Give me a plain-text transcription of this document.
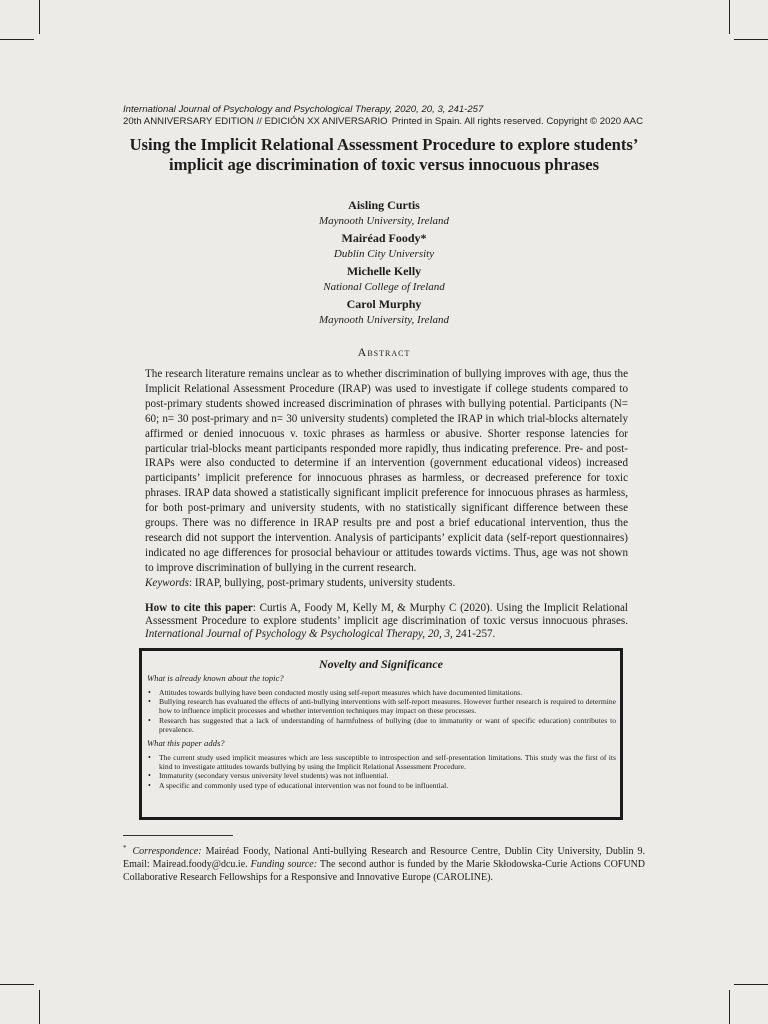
International Journal of Psychology and Psychological Therapy, 2020, 20, 3, 241-257
20th ANNIVERSARY EDITION // EDICIÓN XX ANIVERSARIO Printed in Spain. All rights reserved. Copyright © 2020 AAC
Using the Implicit Relational Assessment Procedure to explore students’ implicit age discrimination of toxic versus innocuous phrases
Aisling Curtis
Maynooth University, Ireland
Mairéad Foody*
Dublin City University
Michelle Kelly
National College of Ireland
Carol Murphy
Maynooth University, Ireland
Abstract

The research literature remains unclear as to whether discrimination of bullying improves with age, thus the Implicit Relational Assessment Procedure (IRAP) was used to investigate if college students compared to post-primary students showed increased discrimination of phrases with bullying potential. Participants (N= 60; n= 30 post-primary and n= 30 university students) completed the IRAP in which trial-blocks alternately affirmed or denied innocuous v. toxic phrases as harmless or abusive. Shorter response latencies for particular trial-blocks meant participants responded more rapidly, thus indicating preference. Pre- and post-IRAPs were also conducted to determine if an intervention (government educational videos) increased participants’ implicit preference for innocuous phrases as harmless, or decreased preference for toxic phrases. IRAP data showed a statistically significant implicit preference for innocuous phrases as harmless, for both post-primary and university students, with no statistically significant difference between these groups. There was no difference in IRAP results pre and post a brief educational intervention, thus the research did not support the intervention. Analysis of participants’ explicit data (self-report questionnaires) indicated no age differences for prosocial behaviour or attitudes towards victims. Thus, age was not shown to improve discrimination of bullying in the current research.

Keywords: IRAP, bullying, post-primary students, university students.

How to cite this paper: Curtis A, Foody M, Kelly M, & Murphy C (2020). Using the Implicit Relational Assessment Procedure to explore students’ implicit age discrimination of toxic versus innocuous phrases. International Journal of Psychology & Psychological Therapy, 20, 3, 241-257.
Novelty and Significance
What is already known about the topic?
• Attitudes towards bullying have been conducted mostly using self-report measures which have documented limitations.
• Bullying research has evaluated the effects of anti-bullying interventions with self-report measures. However further research is required to determine how to influence implicit processes and whether intervention techniques may impact on these processes.
• Research has suggested that a lack of understanding of harmfulness of bullying (due to immaturity or want of specific education) contributes to prevalence.
What this paper adds?
• The current study used implicit measures which are less susceptible to introspection and self-presentation limitations. This study was the first of its kind to investigate attitudes towards bullying by using the Implicit Relational Assessment Procedure.
• Immaturity (secondary versus university level students) was not influential.
• A specific and commonly used type of educational intervention was not found to be influential.
* Correspondence: Mairéad Foody, National Anti-bullying Research and Resource Centre, Dublin City University, Dublin 9. Email: Mairead.foody@dcu.ie. Funding source: The second author is funded by the Marie Skłodowska-Curie Actions COFUND Collaborative Research Fellowships for a Responsive and Innovative Europe (CAROLINE).
